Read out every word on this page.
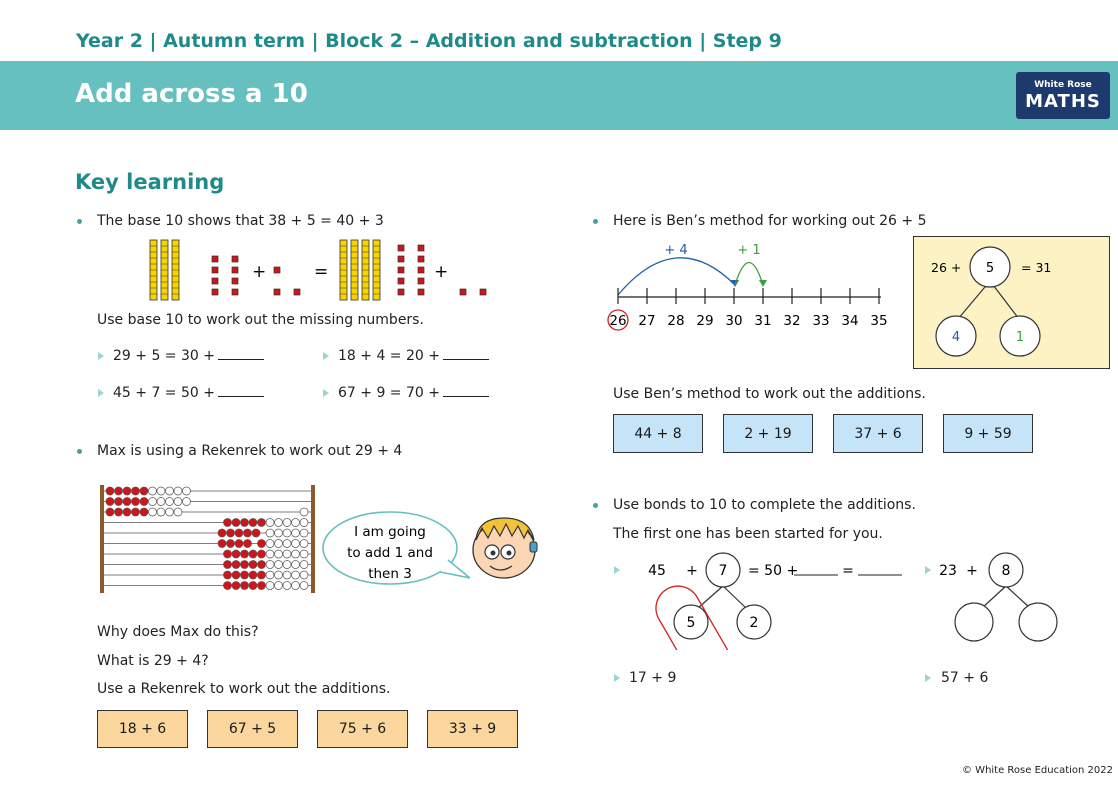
Year 2 | Autumn term | Block 2 – Addition and subtraction | Step 9
Add across a 10	White Rose
MATHS
Key learning
The base 10 shows that 38 + 5 = 40 + 3
+	=	+
Use base 10 to work out the missing numbers.
29 + 5 = 30 +	18 + 4 = 20 +
45 + 7 = 50 +	67 + 9 = 70 +
Max is using a Rekenrek to work out 29 + 4
I am going
to add 1 and
then 3
Why does Max do this?
What is 29 + 4?
Use a Rekenrek to work out the additions.
18 + 6	67 + 5	75 + 6	33 + 9
Here is Ben’s method for working out 26 + 5
+ 4	+ 1
26 27 28 29 30 31 32 33 34 35
26 + 5 = 31
4	1
Use Ben’s method to work out the additions.
44 + 8	2 + 19	37 + 6	9 + 59
Use bonds to 10 to complete the additions.
The first one has been started for you.
45 + 7 = 50 +	=
5	2
23 + 8
17 + 9	57 + 6
© White Rose Education 2022
